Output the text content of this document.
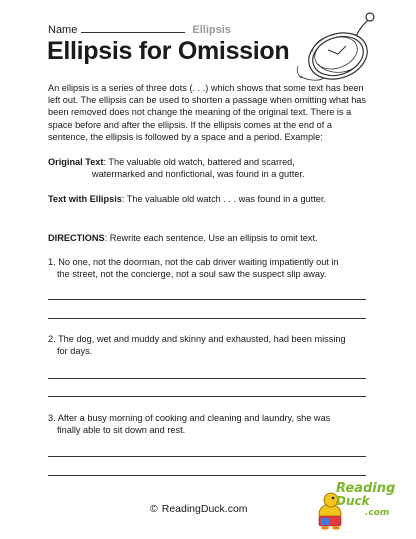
Name	Ellipsis
Ellipsis for Omission

An ellipsis is a series of three dots (. . .) which shows that some text has been left out. The ellipsis can be used to shorten a passage when omitting what has been removed does not change the meaning of the original text. There is a space before and after the ellipsis. If the ellipsis comes at the end of a sentence, the ellipsis is followed by a space and a period. Example:

Original Text: The valuable old watch, battered and scarred,
watermarked and nonfictional, was found in a gutter.

Text with Ellipsis: The valuable old watch . . . was found in a gutter.

DIRECTIONS: Rewrite each sentence. Use an ellipsis to omit text.

1. No one, not the doorman, not the cab driver waiting impatiently out in
the street, not the concierge, not a soul saw the suspect slip away.

2. The dog, wet and muddy and skinny and exhausted, had been missing
for days.

3. After a busy morning of cooking and cleaning and laundry, she was
finally able to sit down and rest.

© ReadingDuck.com
Reading
Duck
.com
